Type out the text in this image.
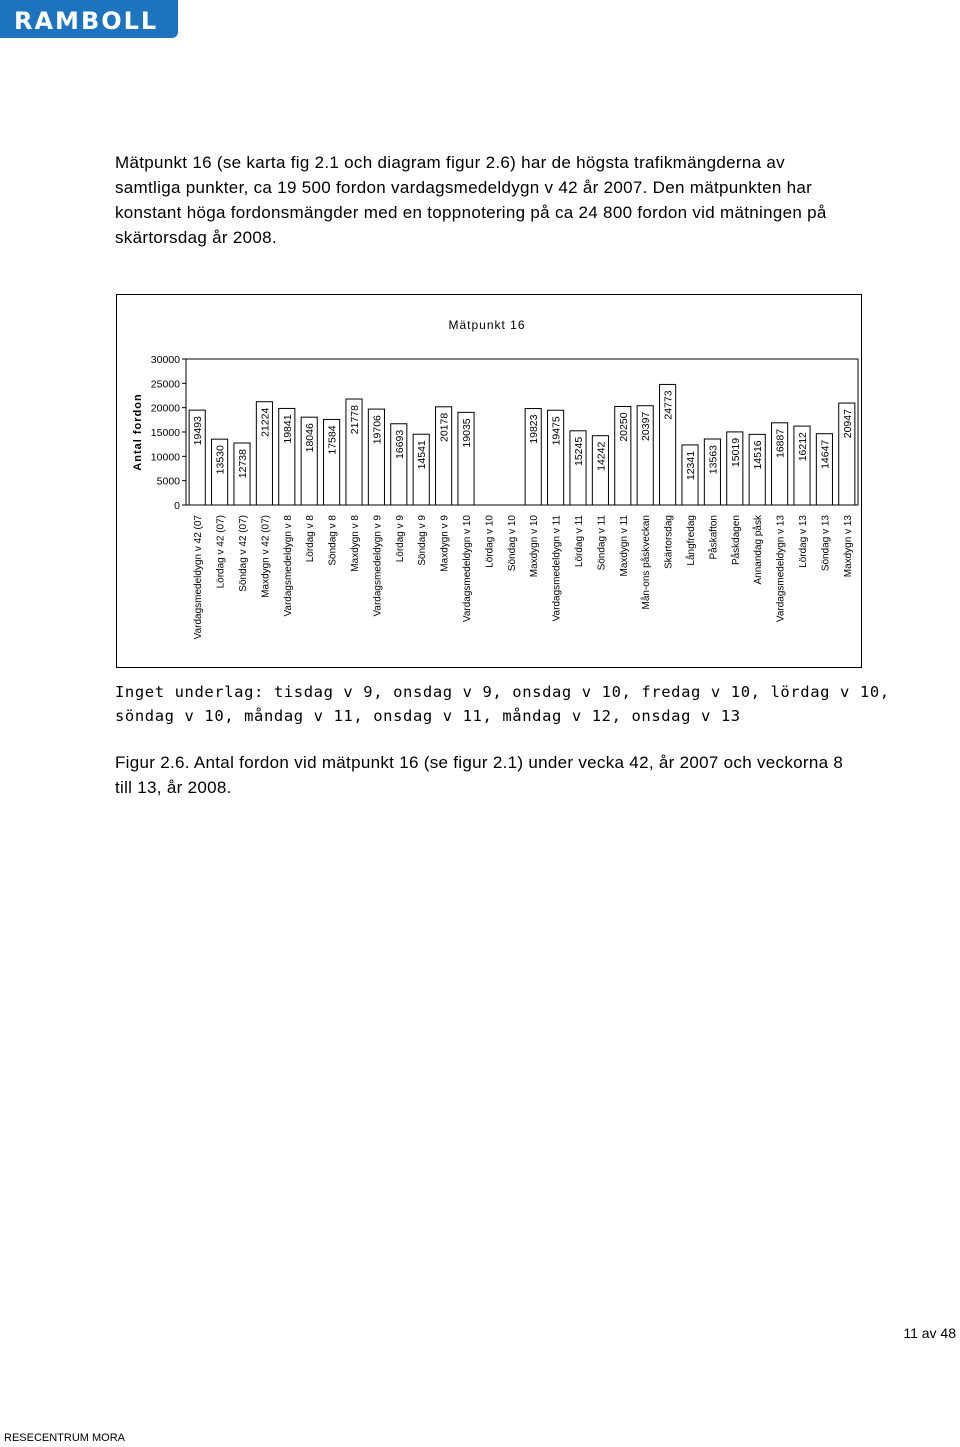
RAMBOLL
Mätpunkt 16 (se karta fig 2.1 och diagram figur 2.6) har de högsta trafikmängderna av samtliga punkter, ca 19 500 fordon vardagsmedeldygn v 42 år 2007. Den mätpunkten har konstant höga fordonsmängder med en toppnotering på ca 24 800 fordon vid mätningen på skärtorsdag år 2008.
Mätpunkt 16
Antal fordon
0
5000
10000
15000
20000
25000
30000
19493
Vardagsmedeldygn v 42 (07
13530
Lördag v 42 (07)
12738
Söndag v 42 (07)
21224
Maxdygn v 42 (07)
19841
Vardagsmedeldygn v 8
18046
Lördag v 8
17584
Söndag v 8
21778
Maxdygn v 8
19706
Vardagsmedeldygn v 9
16693
Lördag v 9
14541
Söndag v 9
20178
Maxdygn v 9
19035
Vardagsmedeldygn v 10 Lördag v 10 Söndag v 10
19823
Maxdygn v 10
19475
Vardagsmedeldygn v 11
15245
Lördag v 11
14242
Söndag v 11
20250
Maxdygn v 11
20397
Mån-ons påskveckan
24773
Skärtorsdag
12341
Långfredag
13563
Påskafton
15019
Påskdagen
14516
Annandag påsk
16887
Vardagsmedeldygn v 13
16212
Lördag v 13
14647
Söndag v 13
20947
Maxdygn v 13
Inget underlag: tisdag v 9, onsdag v 9, onsdag v 10, fredag v 10, lördag v 10, söndag v 10, måndag v 11, onsdag v 11, måndag v 12, onsdag v 13
Figur 2.6. Antal fordon vid mätpunkt 16 (se figur 2.1) under vecka 42, år 2007 och veckorna 8 till 13, år 2008.
11 av 48
RESECENTRUM MORA
